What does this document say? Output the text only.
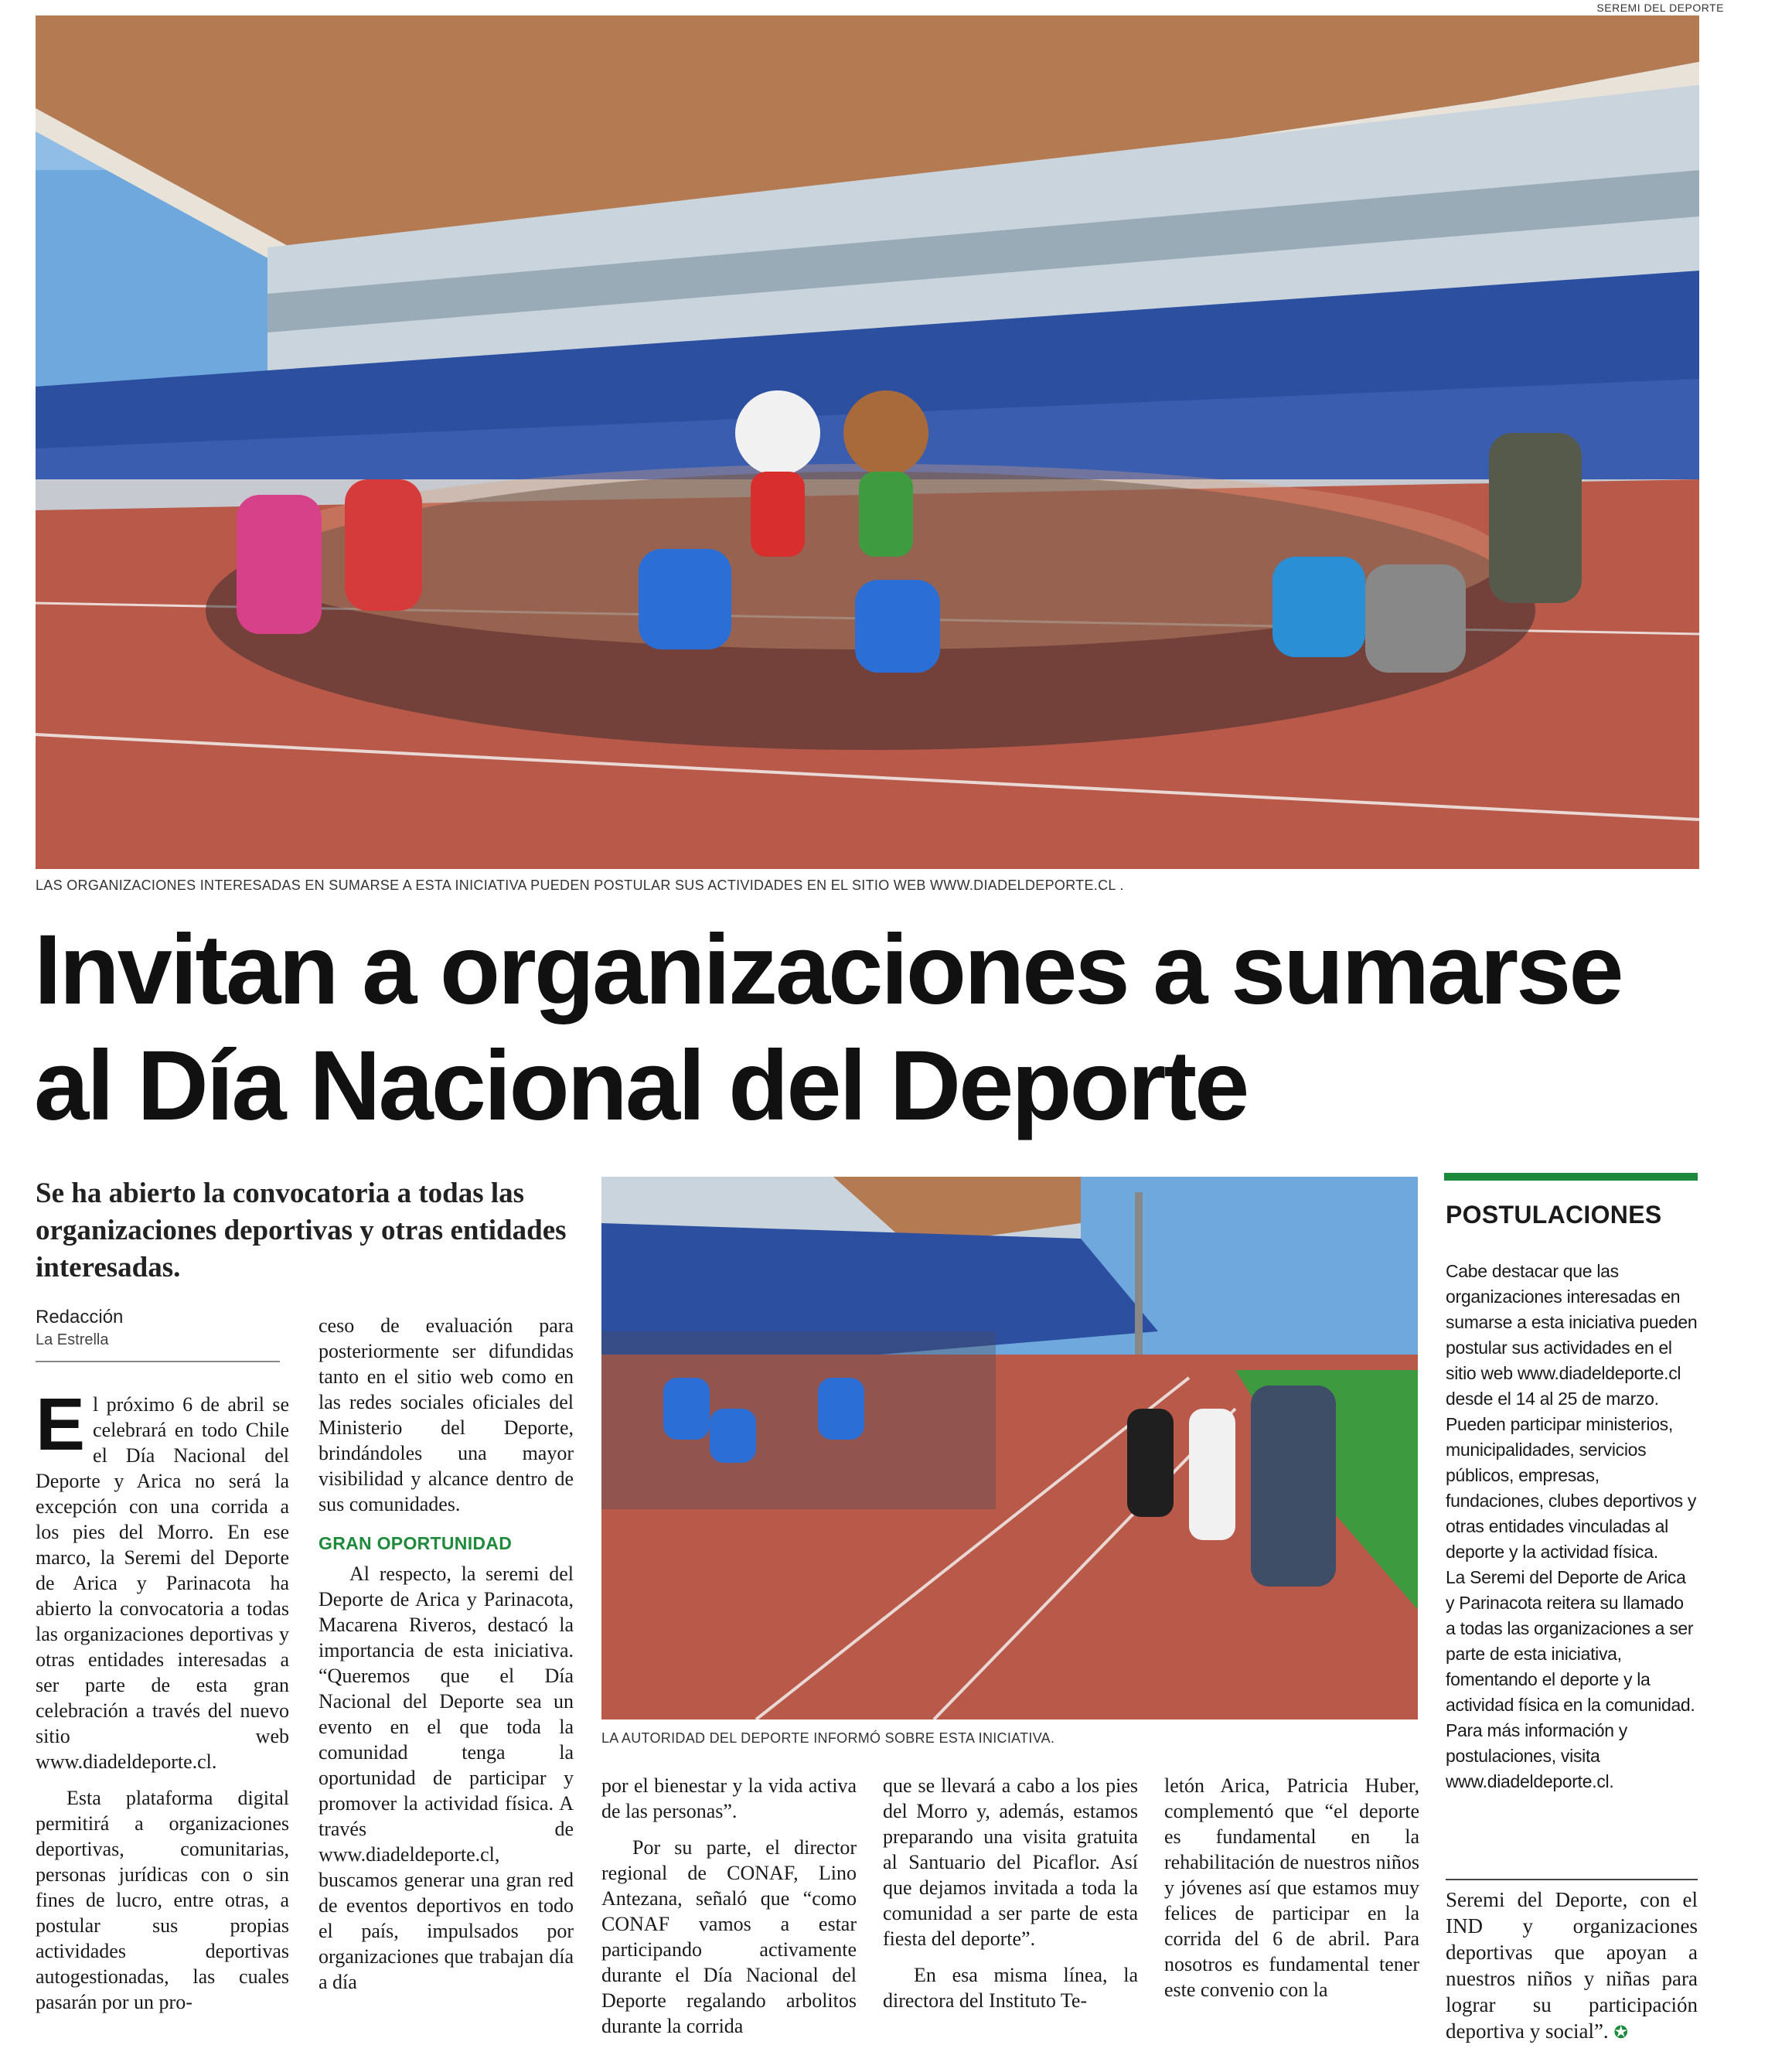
SEREMI DEL DEPORTE
LAS ORGANIZACIONES INTERESADAS EN SUMARSE A ESTA INICIATIVA PUEDEN POSTULAR SUS ACTIVIDADES EN EL SITIO WEB WWW.DIADELDEPORTE.CL .
Invitan a organizaciones a sumarse
al Día Nacional del Deporte
Se ha abierto la convocatoria a todas las organizaciones deportivas y otras entidades interesadas.
Redacción
La Estrella

El próximo 6 de abril se celebrará en todo Chile el Día Nacional del Deporte y Arica no será la excepción con una corrida a los pies del Morro. En ese marco, la Seremi del Deporte de Arica y Parinacota ha abierto la convocatoria a todas las organizaciones deportivas y otras entidades interesadas a ser parte de esta gran celebración a través del nuevo sitio web www.diadeldeporte.cl.

Esta plataforma digital permitirá a organizaciones deportivas, comunitarias, personas jurídicas con o sin fines de lucro, entre otras, a postular sus propias actividades deportivas autogestionadas, las cuales pasarán por un pro-

ceso de evaluación para posteriormente ser difundidas tanto en el sitio web como en las redes sociales oficiales del Ministerio del Deporte, brindándoles una mayor visibilidad y alcance dentro de sus comunidades.

GRAN OPORTUNIDAD

Al respecto, la seremi del Deporte de Arica y Parinacota, Macarena Riveros, destacó la importancia de esta iniciativa. “Queremos que el Día Nacional del Deporte sea un evento en el que toda la comunidad tenga la oportunidad de participar y promover la actividad física. A través de www.diadeldeporte.cl, buscamos generar una gran red de eventos deportivos en todo el país, impulsados por organizaciones que trabajan día a día

LA AUTORIDAD DEL DEPORTE INFORMÓ SOBRE ESTA INICIATIVA.

por el bienestar y la vida activa de las personas”.

Por su parte, el director regional de CONAF, Lino Antezana, señaló que “como CONAF vamos a estar participando activamente durante el Día Nacional del Deporte regalando arbolitos durante la corrida

que se llevará a cabo a los pies del Morro y, además, estamos preparando una visita gratuita al Santuario del Picaflor. Así que dejamos invitada a toda la comunidad a ser parte de esta fiesta del deporte”.

En esa misma línea, la directora del Instituto Te-

letón Arica, Patricia Huber, complementó que “el deporte es fundamental en la rehabilitación de nuestros niños y jóvenes así que estamos muy felices de participar en la corrida del 6 de abril. Para nosotros es fundamental tener este convenio con la

POSTULACIONES

Cabe destacar que las organizaciones interesadas en sumarse a esta iniciativa pueden postular sus actividades en el sitio web www.diadeldeporte.cl desde el 14 al 25 de marzo. Pueden participar ministerios, municipalidades, servicios públicos, empresas, fundaciones, clubes deportivos y otras entidades vinculadas al deporte y la actividad física.

La Seremi del Deporte de Arica y Parinacota reitera su llamado a todas las organizaciones a ser parte de esta iniciativa, fomentando el deporte y la actividad física en la comunidad. Para más información y postulaciones, visita www.diadeldeporte.cl.

Seremi del Deporte, con el IND y organizaciones deportivas que apoyan a nuestros niños y niñas para lograr su participación deportiva y social”. ✪
